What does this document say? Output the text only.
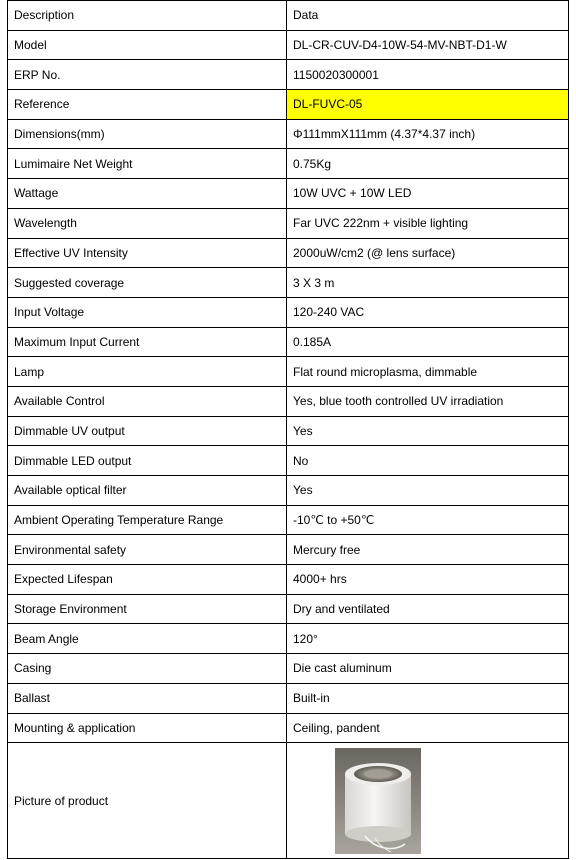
Description	Data
Model	DL-CR-CUV-D4-10W-54-MV-NBT-D1-W
ERP No.	1150020300001
Reference	DL-FUVC-05
Dimensions(mm)	Φ111mmX111mm (4.37*4.37 inch)
Lumimaire Net Weight	0.75Kg
Wattage	10W UVC + 10W LED
Wavelength	Far UVC 222nm + visible lighting
Effective UV Intensity	2000uW/cm2 (@ lens surface)
Suggested coverage	3 X 3 m
Input Voltage	120-240 VAC
Maximum Input Current	0.185A
Lamp	Flat round microplasma, dimmable
Available Control	Yes, blue tooth controlled UV irradiation
Dimmable UV output	Yes
Dimmable LED output	No
Available optical filter	Yes
Ambient Operating Temperature Range	-10℃ to +50℃
Environmental safety	Mercury free
Expected Lifespan	4000+ hrs
Storage Environment	Dry and ventilated
Beam Angle	120°
Casing	Die cast aluminum
Ballast	Built-in
Mounting & application	Ceiling, pandent
Picture of product	
